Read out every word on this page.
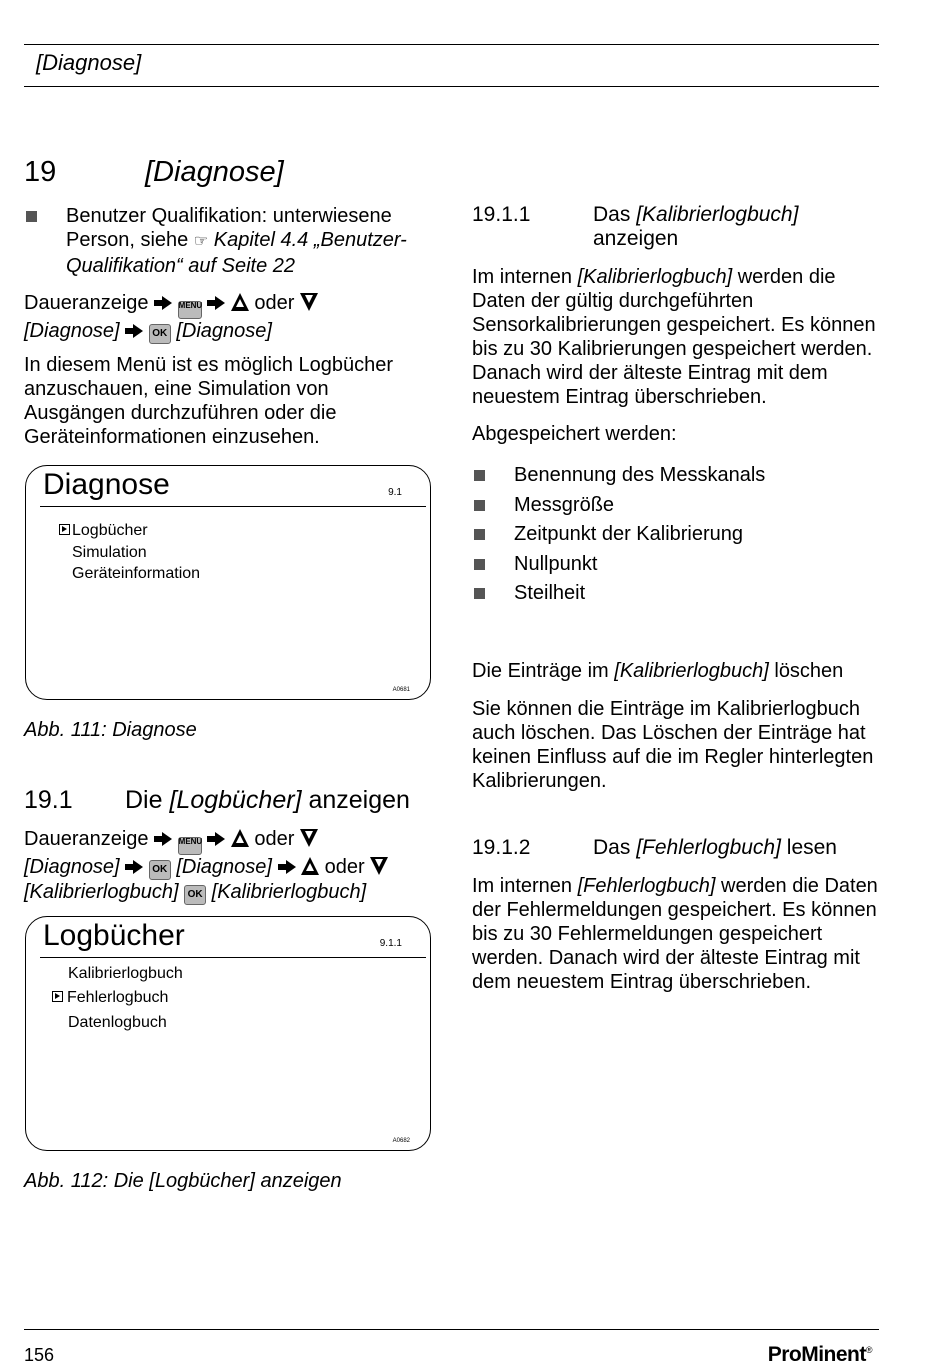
[Diagnose]
19	[Diagnose]
Benutzer Qualifikation: unterwiesene Person, siehe ☞ Kapitel 4.4 „Benutzer-Qualifikation“ auf Seite 22
Daueranzeige	MENU	oder
[Diagnose]	OK [Diagnose]
In diesem Menü ist es möglich Logbücher anzuschauen, eine Simulation von Ausgängen durchzuführen oder die Geräteinformationen einzusehen.
Diagnose	9.1
Logbücher
Simulation
Geräteinformation
A0681
Abb. 111: Diagnose
19.1 Die [Logbücher] anzeigen
Daueranzeige	MENU	oder
[Diagnose]	OK [Diagnose]	oder
[Kalibrierlogbuch] OK [Kalibrierlogbuch]
Logbücher	9.1.1
Kalibrierlogbuch
Fehlerlogbuch
Datenlogbuch
A0682
Abb. 112: Die [Logbücher] anzeigen
19.1.1	Das [Kalibrierlogbuch] anzeigen
Im internen [Kalibrierlogbuch] werden die Daten der gültig durchgeführten Sensorkalibrierungen gespeichert. Es können bis zu 30 Kalibrierungen gespeichert werden. Danach wird der älteste Eintrag mit dem neuestem Eintrag überschrieben.
Abgespeichert werden:
Benennung des Messkanals
Messgröße
Zeitpunkt der Kalibrierung
Nullpunkt
Steilheit
Die Einträge im [Kalibrierlogbuch] löschen
Sie können die Einträge im Kalibrierlogbuch auch löschen. Das Löschen der Einträge hat keinen Einfluss auf die im Regler hinterlegten Kalibrierungen.
19.1.2	Das [Fehlerlogbuch] lesen
Im internen [Fehlerlogbuch] werden die Daten der Fehlermeldungen gespeichert. Es können bis zu 30 Fehlermeldungen gespeichert werden. Danach wird der älteste Eintrag mit dem neuestem Eintrag überschrieben.
156	ProMinent®
